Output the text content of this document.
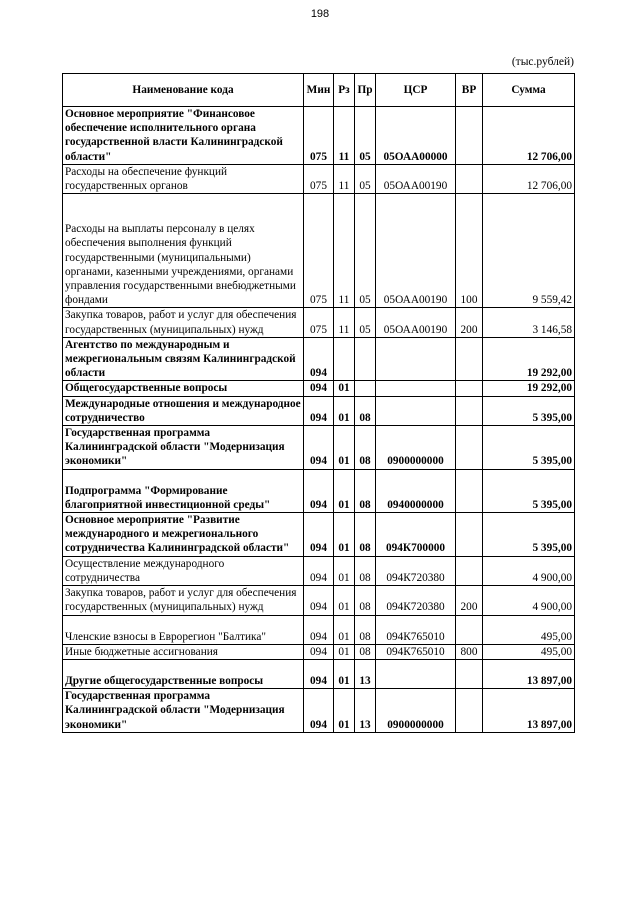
198
(тыс.рублей)
Наименование кода	Мин	Рз	Пр	ЦСР	ВР	Сумма
Основное мероприятие "Финансовое обеспечение исполнительного органа государственной власти Калининградской области"	075	11	05	05ОАА00000		12 706,00
Расходы на обеспечение функций государственных органов	075	11	05	05ОАА00190		12 706,00

Расходы на выплаты персоналу в целях обеспечения выполнения функций государственными (муниципальными) органами, казенными учреждениями, органами управления государственными внебюджетными фондами	075	11	05	05ОАА00190	100	9 559,42
Закупка товаров, работ и услуг для обеспечения государственных (муниципальных) нужд	075	11	05	05ОАА00190	200	3 146,58
Агентство по международным и межрегиональным связям Калининградской области	094					19 292,00
Общегосударственные вопросы	094	01				19 292,00
Международные отношения и международное сотрудничество	094	01	08			5 395,00
Государственная программа Калининградской области "Модернизация экономики"	094	01	08	0900000000		5 395,00

Подпрограмма "Формирование благоприятной инвестиционной среды"	094	01	08	0940000000		5 395,00
Основное мероприятие "Развитие международного и межрегионального сотрудничества Калининградской области"	094	01	08	094К700000		5 395,00
Осуществление международного сотрудничества	094	01	08	094К720380		4 900,00
Закупка товаров, работ и услуг для обеспечения государственных (муниципальных) нужд	094	01	08	094К720380	200	4 900,00

Членские взносы в Еврорегион "Балтика"	094	01	08	094К765010		495,00
Иные бюджетные ассигнования	094	01	08	094К765010	800	495,00

Другие общегосударственные вопросы	094	01	13			13 897,00
Государственная программа Калининградской области "Модернизация экономики"	094	01	13	0900000000		13 897,00
